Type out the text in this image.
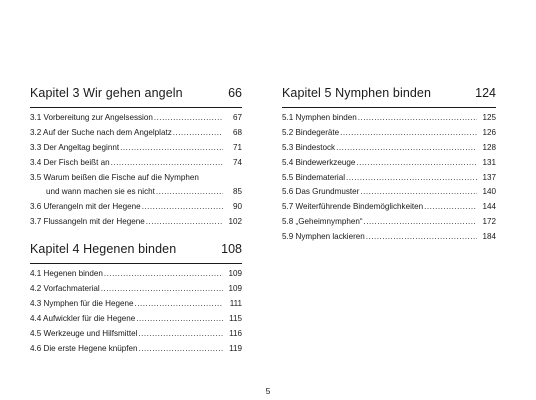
Kapitel 3 Wir gehen angeln	66
3.1 Vorbereitung zur Angelsession .....	67
3.2 Auf der Suche nach dem Angelplatz .....	68
3.3 Der Angeltag beginnt .....	71
3.4 Der Fisch beißt an .....	74
3.5 Warum beißen die Fische auf die Nymphen
und wann machen sie es nicht .....	85
3.6 Uferangeln mit der Hegene .....	90
3.7 Flussangeln mit der Hegene .....	102
Kapitel 4 Hegenen binden	108
4.1 Hegenen binden .....	109
4.2 Vorfachmaterial .....	109
4.3 Nymphen für die Hegene .....	111
4.4 Aufwickler für die Hegene .....	115
4.5 Werkzeuge und Hilfsmittel .....	116
4.6 Die erste Hegene knüpfen .....	119
Kapitel 5 Nymphen binden	124
5.1 Nymphen binden .....	125
5.2 Bindegeräte .....	126
5.3 Bindestock .....	128
5.4 Bindewerkzeuge .....	131
5.5 Bindematerial .....	137
5.6 Das Grundmuster .....	140
5.7 Weiterführende Bindemöglichkeiten .....	144
5.8 „Geheimnymphen“ .....	172
5.9 Nymphen lackieren .....	184
5
